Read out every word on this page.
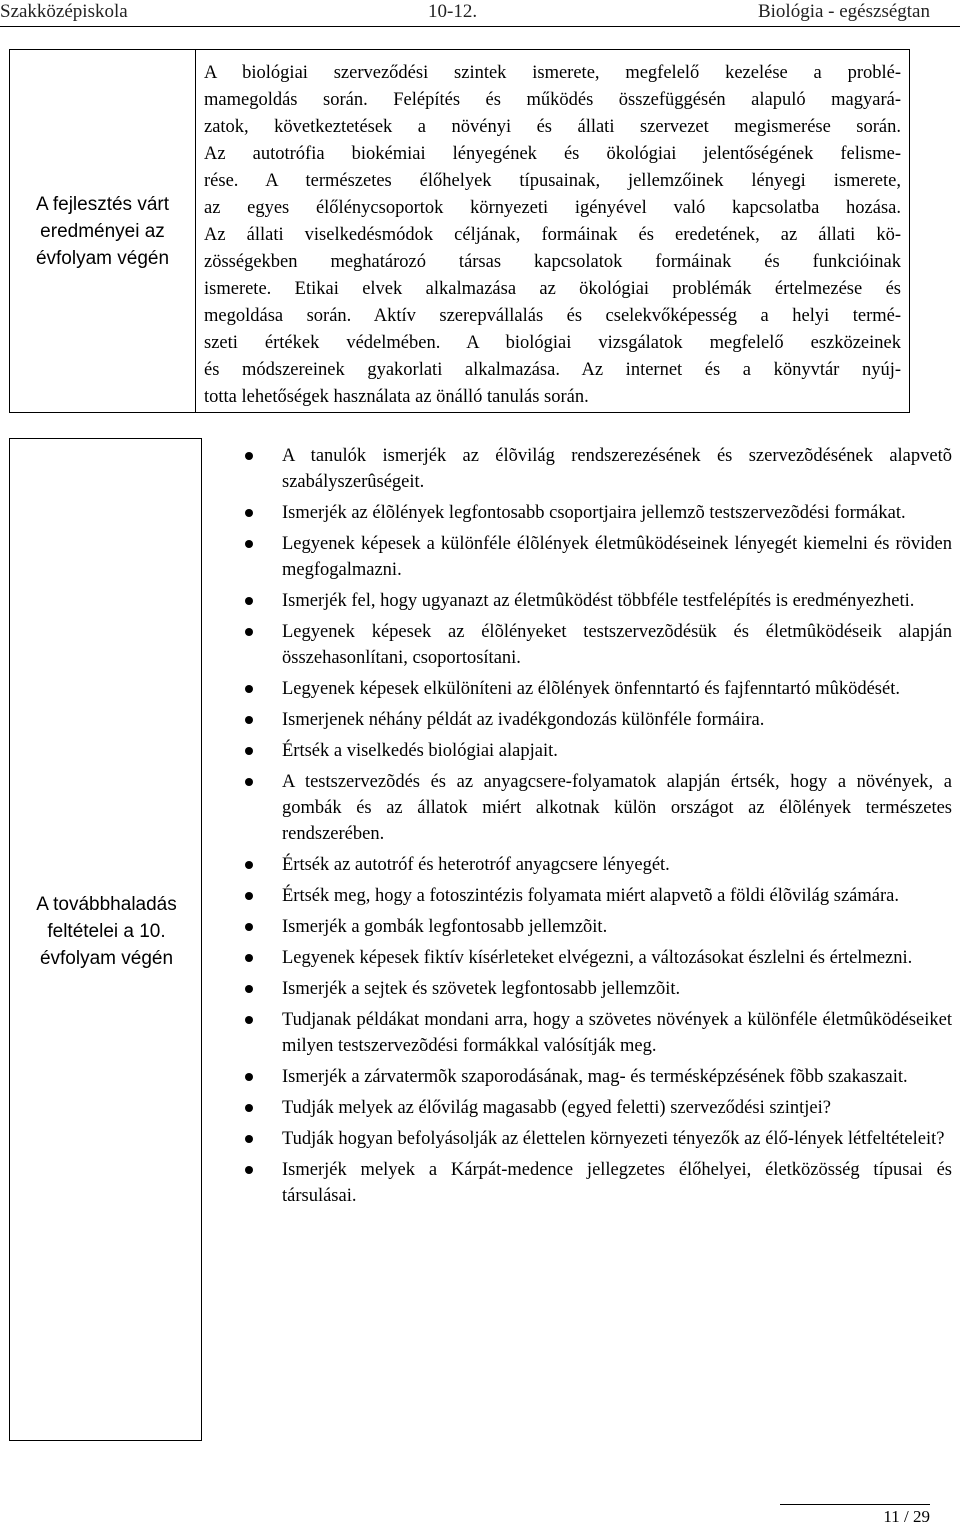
Szakközépiskola	10-12.	Biológia - egészségtan
A fejlesztés várt
eredményei az
évfolyam végén
A biológiai szerveződési szintek ismerete, megfelelő kezelése a problé-
mamegoldás során. Felépítés és működés összefüggésén alapuló magyará-
zatok, következtetések a növényi és állati szervezet megismerése során.
Az autotrófia biokémiai lényegének és ökológiai jelentőségének felisme-
rése. A természetes élőhelyek típusainak, jellemzőinek lényegi ismerete,
az egyes élőlénycsoportok környezeti igényével való kapcsolatba hozása.
Az állati viselkedésmódok céljának, formáinak és eredetének, az állati kö-
zösségekben meghatározó társas kapcsolatok formáinak és funkcióinak
ismerete. Etikai elvek alkalmazása az ökológiai problémák értelmezése és
megoldása során. Aktív szerepvállalás és cselekvőképesség a helyi termé-
szeti értékek védelmében. A biológiai vizsgálatok megfelelő eszközeinek
és módszereinek gyakorlati alkalmazása. Az internet és a könyvtár nyúj-
totta lehetőségek használata az önálló tanulás során.
A továbbhaladás
feltételei a 10.
évfolyam végén
A tanulók ismerjék az élõvilág rendszerezésének és szervezõdésének alapvetõ szabályszerûségeit.
Ismerjék az élõlények legfontosabb csoportjaira jellemzõ testszervezõdési formákat.
Legyenek képesek a különféle élõlények életmûködéseinek lényegét kiemelni és röviden megfogalmazni.
Ismerjék fel, hogy ugyanazt az életmûködést többféle testfelépítés is eredményezheti.
Legyenek képesek az élõlényeket testszervezõdésük és életmûködéseik alapján összehasonlítani, csoportosítani.
Legyenek képesek elkülöníteni az élõlények önfenntartó és fajfenntartó mûködését.
Ismerjenek néhány példát az ivadékgondozás különféle formáira.
Értsék a viselkedés biológiai alapjait.
A testszervezõdés és az anyagcsere-folyamatok alapján értsék, hogy a növények, a gombák és az állatok miért alkotnak külön országot az élõlények természetes rendszerében.
Értsék az autotróf és heterotróf anyagcsere lényegét.
Értsék meg, hogy a fotoszintézis folyamata miért alapvetõ a földi élõvilág számára.
Ismerjék a gombák legfontosabb jellemzõit.
Legyenek képesek fiktív kísérleteket elvégezni, a változásokat észlelni és értelmezni.
Ismerjék a sejtek és szövetek legfontosabb jellemzõit.
Tudjanak példákat mondani arra, hogy a szövetes növények a különféle életmûködéseiket milyen testszervezõdési formákkal valósítják meg.
Ismerjék a zárvatermõk szaporodásának, mag- és termésképzésének fõbb szakaszait.
Tudják melyek az élővilág magasabb (egyed feletti) szerveződési szintjei?
Tudják hogyan befolyásolják az élettelen környezeti tényezők az élő-lények létfeltételeit?
Ismerjék melyek a Kárpát-medence jellegzetes élőhelyei, életközösség típusai és társulásai.
11 / 29
